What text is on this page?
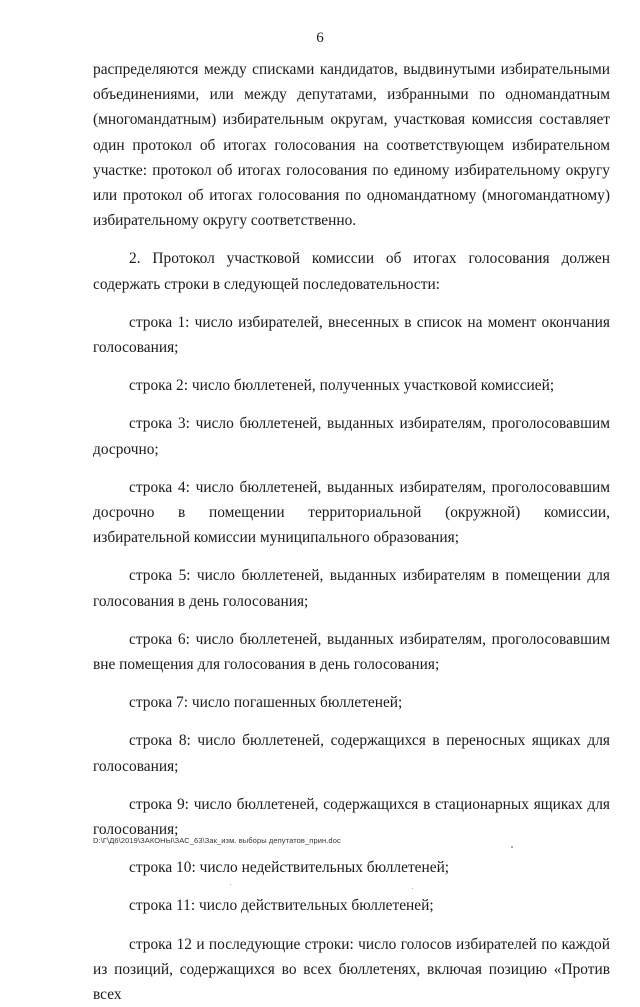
6

распределяются между списками кандидатов, выдвинутыми избирательными объединениями, или между депутатами, избранными по одномандатным (многомандатным) избирательным округам, участковая комиссия составляет один протокол об итогах голосования на соответствующем избирательном участке: протокол об итогах голосования по единому избирательному округу или протокол об итогах голосования по одномандатному (многомандатному) избирательному округу соответственно.

2. Протокол участковой комиссии об итогах голосования должен содержать строки в следующей последовательности:

строка 1: число избирателей, внесенных в список на момент окончания голосования;

строка 2: число бюллетеней, полученных участковой комиссией;

строка 3: число бюллетеней, выданных избирателям, проголосовавшим досрочно;

строка 4: число бюллетеней, выданных избирателям, проголосовавшим досрочно в помещении территориальной (окружной) комиссии, избирательной комиссии муниципального образования;

строка 5: число бюллетеней, выданных избирателям в помещении для голосования в день голосования;

строка 6: число бюллетеней, выданных избирателям, проголосовавшим вне помещения для голосования в день голосования;

строка 7: число погашенных бюллетеней;

строка 8: число бюллетеней, содержащихся в переносных ящиках для голосования;

строка 9: число бюллетеней, содержащихся в стационарных ящиках для голосования;

строка 10: число недействительных бюллетеней;

строка 11: число действительных бюллетеней;

строка 12 и последующие строки: число голосов избирателей по каждой из позиций, содержащихся во всех бюллетенях, включая позицию «Против всех

D:\Г\Д6\2019\ЗАКОНЫ\ЗАС_63\Зак_изм. выборы депутатов_прин.doc
